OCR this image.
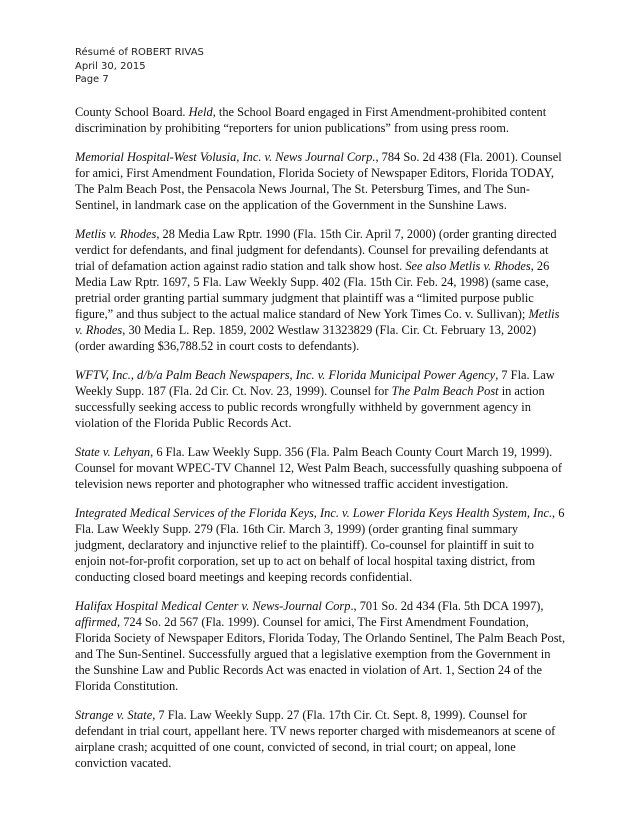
Résumé of ROBERT RIVAS
April 30, 2015
Page 7

County School Board. Held, the School Board engaged in First Amendment-prohibited content discrimination by prohibiting “reporters for union publications” from using press room.

Memorial Hospital-West Volusia, Inc. v. News Journal Corp., 784 So. 2d 438 (Fla. 2001). Counsel for amici, First Amendment Foundation, Florida Society of Newspaper Editors, Florida TODAY, The Palm Beach Post, the Pensacola News Journal, The St. Petersburg Times, and The Sun-Sentinel, in landmark case on the application of the Government in the Sunshine Laws.

Metlis v. Rhodes, 28 Media Law Rptr. 1990 (Fla. 15th Cir. April 7, 2000) (order granting directed verdict for defendants, and final judgment for defendants). Counsel for prevailing defendants at trial of defamation action against radio station and talk show host. See also Metlis v. Rhodes, 26 Media Law Rptr. 1697, 5 Fla. Law Weekly Supp. 402 (Fla. 15th Cir. Feb. 24, 1998) (same case, pretrial order granting partial summary judgment that plaintiff was a “limited purpose public figure,” and thus subject to the actual malice standard of New York Times Co. v. Sullivan); Metlis v. Rhodes, 30 Media L. Rep. 1859, 2002 Westlaw 31323829 (Fla. Cir. Ct. February 13, 2002) (order awarding $36,788.52 in court costs to defendants).

WFTV, Inc., d/b/a Palm Beach Newspapers, Inc. v. Florida Municipal Power Agency, 7 Fla. Law Weekly Supp. 187 (Fla. 2d Cir. Ct. Nov. 23, 1999). Counsel for The Palm Beach Post in action successfully seeking access to public records wrongfully withheld by government agency in violation of the Florida Public Records Act.

State v. Lehyan, 6 Fla. Law Weekly Supp. 356 (Fla. Palm Beach County Court March 19, 1999). Counsel for movant WPEC-TV Channel 12, West Palm Beach, successfully quashing subpoena of television news reporter and photographer who witnessed traffic accident investigation.

Integrated Medical Services of the Florida Keys, Inc. v. Lower Florida Keys Health System, Inc., 6 Fla. Law Weekly Supp. 279 (Fla. 16th Cir. March 3, 1999) (order granting final summary judgment, declaratory and injunctive relief to the plaintiff). Co-counsel for plaintiff in suit to enjoin not-for-profit corporation, set up to act on behalf of local hospital taxing district, from conducting closed board meetings and keeping records confidential.

Halifax Hospital Medical Center v. News-Journal Corp., 701 So. 2d 434 (Fla. 5th DCA 1997), affirmed, 724 So. 2d 567 (Fla. 1999). Counsel for amici, The First Amendment Foundation, Florida Society of Newspaper Editors, Florida Today, The Orlando Sentinel, The Palm Beach Post, and The Sun-Sentinel. Successfully argued that a legislative exemption from the Government in the Sunshine Law and Public Records Act was enacted in violation of Art. 1, Section 24 of the Florida Constitution.

Strange v. State, 7 Fla. Law Weekly Supp. 27 (Fla. 17th Cir. Ct. Sept. 8, 1999). Counsel for defendant in trial court, appellant here. TV news reporter charged with misdemeanors at scene of airplane crash; acquitted of one count, convicted of second, in trial court; on appeal, lone conviction vacated.
